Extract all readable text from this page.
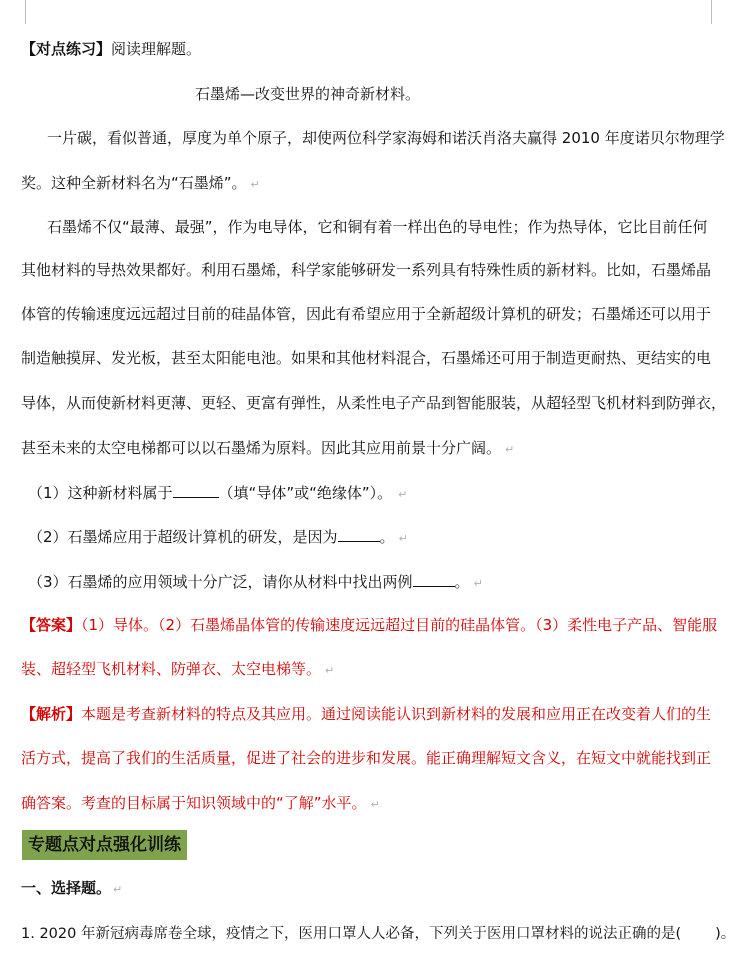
【对点练习】阅读理解题。
石墨烯—改变世界的神奇新材料。
一片碳，看似普通，厚度为单个原子，却使两位科学家海姆和诺沃肖洛夫赢得 2010 年度诺贝尔物理学
奖。这种全新材料名为“石墨烯”。 ↵
石墨烯不仅“最薄、最强”，作为电导体，它和铜有着一样出色的导电性；作为热导体，它比目前任何
其他材料的导热效果都好。利用石墨烯，科学家能够研发一系列具有特殊性质的新材料。比如，石墨烯晶
体管的传输速度远远超过目前的硅晶体管，因此有希望应用于全新超级计算机的研发；石墨烯还可以用于
制造触摸屏、发光板，甚至太阳能电池。如果和其他材料混合，石墨烯还可用于制造更耐热、更结实的电
导体，从而使新材料更薄、更轻、更富有弹性，从柔性电子产品到智能服装，从超轻型飞机材料到防弹衣，
甚至未来的太空电梯都可以以石墨烯为原料。因此其应用前景十分广阔。 ↵
（1）这种新材料属于	（填“导体”或“绝缘体”）。 ↵
（2）石墨烯应用于超级计算机的研发，是因为	。 ↵
（3）石墨烯的应用领域十分广泛，请你从材料中找出两例	。 ↵
【答案】（1）导体。（2）石墨烯晶体管的传输速度远远超过目前的硅晶体管。（3）柔性电子产品、智能服
装、超轻型飞机材料、防弹衣、太空电梯等。 ↵
【解析】本题是考查新材料的特点及其应用。通过阅读能认识到新材料的发展和应用正在改变着人们的生
活方式，提高了我们的生活质量，促进了社会的进步和发展。能正确理解短文含义，在短文中就能找到正
确答案。考查的目标属于知识领域中的“了解”水平。 ↵
专题点对点强化训练
一、选择题。 ↵
1. 2020 年新冠病毒席卷全球，疫情之下，医用口罩人人必备，下列关于医用口罩材料的说法正确的是( )。
